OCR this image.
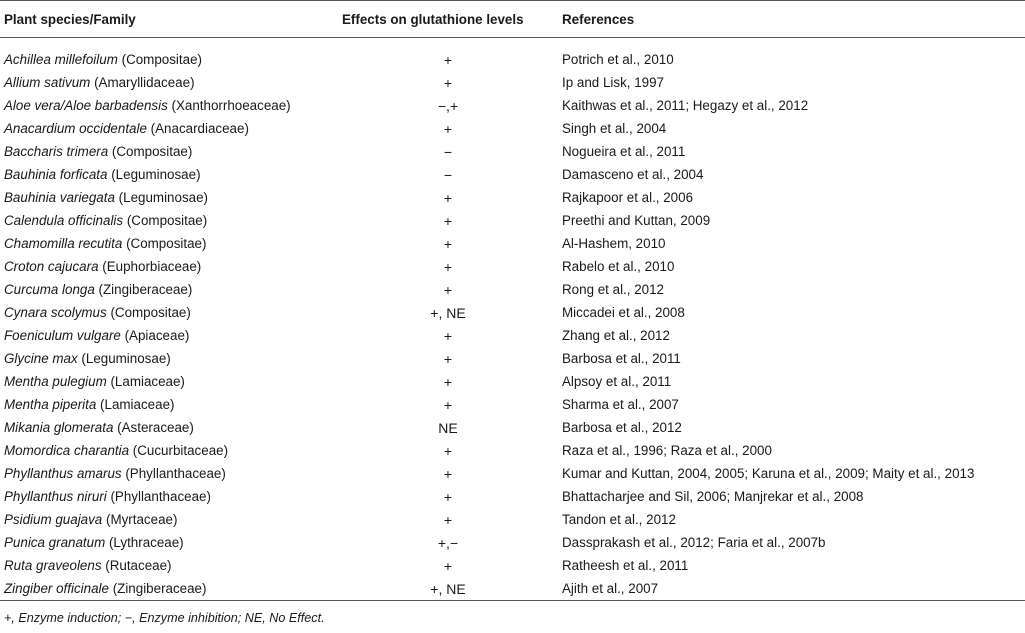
Plant species/Family	Effects on glutathione levels	References

Achillea millefoilum (Compositae)	+	Potrich et al., 2010
Allium sativum (Amaryllidaceae)	+	Ip and Lisk, 1997
Aloe vera/Aloe barbadensis (Xanthorrhoeaceae)	−,+	Kaithwas et al., 2011; Hegazy et al., 2012
Anacardium occidentale (Anacardiaceae)	+	Singh et al., 2004
Baccharis trimera (Compositae)	−	Nogueira et al., 2011
Bauhinia forficata (Leguminosae)	−	Damasceno et al., 2004
Bauhinia variegata (Leguminosae)	+	Rajkapoor et al., 2006
Calendula officinalis (Compositae)	+	Preethi and Kuttan, 2009
Chamomilla recutita (Compositae)	+	Al-Hashem, 2010
Croton cajucara (Euphorbiaceae)	+	Rabelo et al., 2010
Curcuma longa (Zingiberaceae)	+	Rong et al., 2012
Cynara scolymus (Compositae)	+, NE	Miccadei et al., 2008
Foeniculum vulgare (Apiaceae)	+	Zhang et al., 2012
Glycine max (Leguminosae)	+	Barbosa et al., 2011
Mentha pulegium (Lamiaceae)	+	Alpsoy et al., 2011
Mentha piperita (Lamiaceae)	+	Sharma et al., 2007
Mikania glomerata (Asteraceae)	NE	Barbosa et al., 2012
Momordica charantia (Cucurbitaceae)	+	Raza et al., 1996; Raza et al., 2000
Phyllanthus amarus (Phyllanthaceae)	+	Kumar and Kuttan, 2004, 2005; Karuna et al., 2009; Maity et al., 2013
Phyllanthus niruri (Phyllanthaceae)	+	Bhattacharjee and Sil, 2006; Manjrekar et al., 2008
Psidium guajava (Myrtaceae)	+	Tandon et al., 2012
Punica granatum (Lythraceae)	+,−	Dassprakash et al., 2012; Faria et al., 2007b
Ruta graveolens (Rutaceae)	+	Ratheesh et al., 2011
Zingiber officinale (Zingiberaceae)	+, NE	Ajith et al., 2007
+, Enzyme induction; −, Enzyme inhibition; NE, No Effect.
